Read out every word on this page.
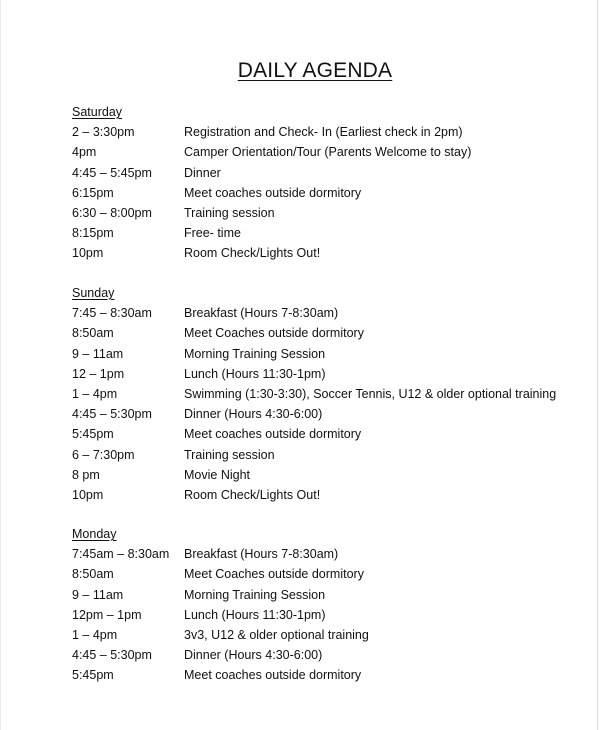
DAILY AGENDA
Saturday
2 – 3:30pm	Registration and Check- In (Earliest check in 2pm)
4pm	Camper Orientation/Tour (Parents Welcome to stay)
4:45 – 5:45pm	Dinner
6:15pm	Meet coaches outside dormitory
6:30 – 8:00pm	Training session
8:15pm	Free- time
10pm	Room Check/Lights Out!
Sunday
7:45 – 8:30am	Breakfast (Hours 7-8:30am)
8:50am	Meet Coaches outside dormitory
9 – 11am	Morning Training Session
12 – 1pm	Lunch (Hours 11:30-1pm)
1 – 4pm	Swimming (1:30-3:30), Soccer Tennis, U12 & older optional training
4:45 – 5:30pm	Dinner (Hours 4:30-6:00)
5:45pm	Meet coaches outside dormitory
6 – 7:30pm	Training session
8 pm	Movie Night
10pm	Room Check/Lights Out!
Monday
7:45am – 8:30am Breakfast (Hours 7-8:30am)
8:50am	Meet Coaches outside dormitory
9 – 11am	Morning Training Session
12pm – 1pm	Lunch (Hours 11:30-1pm)
1 – 4pm	3v3, U12 & older optional training
4:45 – 5:30pm	Dinner (Hours 4:30-6:00)
5:45pm	Meet coaches outside dormitory
